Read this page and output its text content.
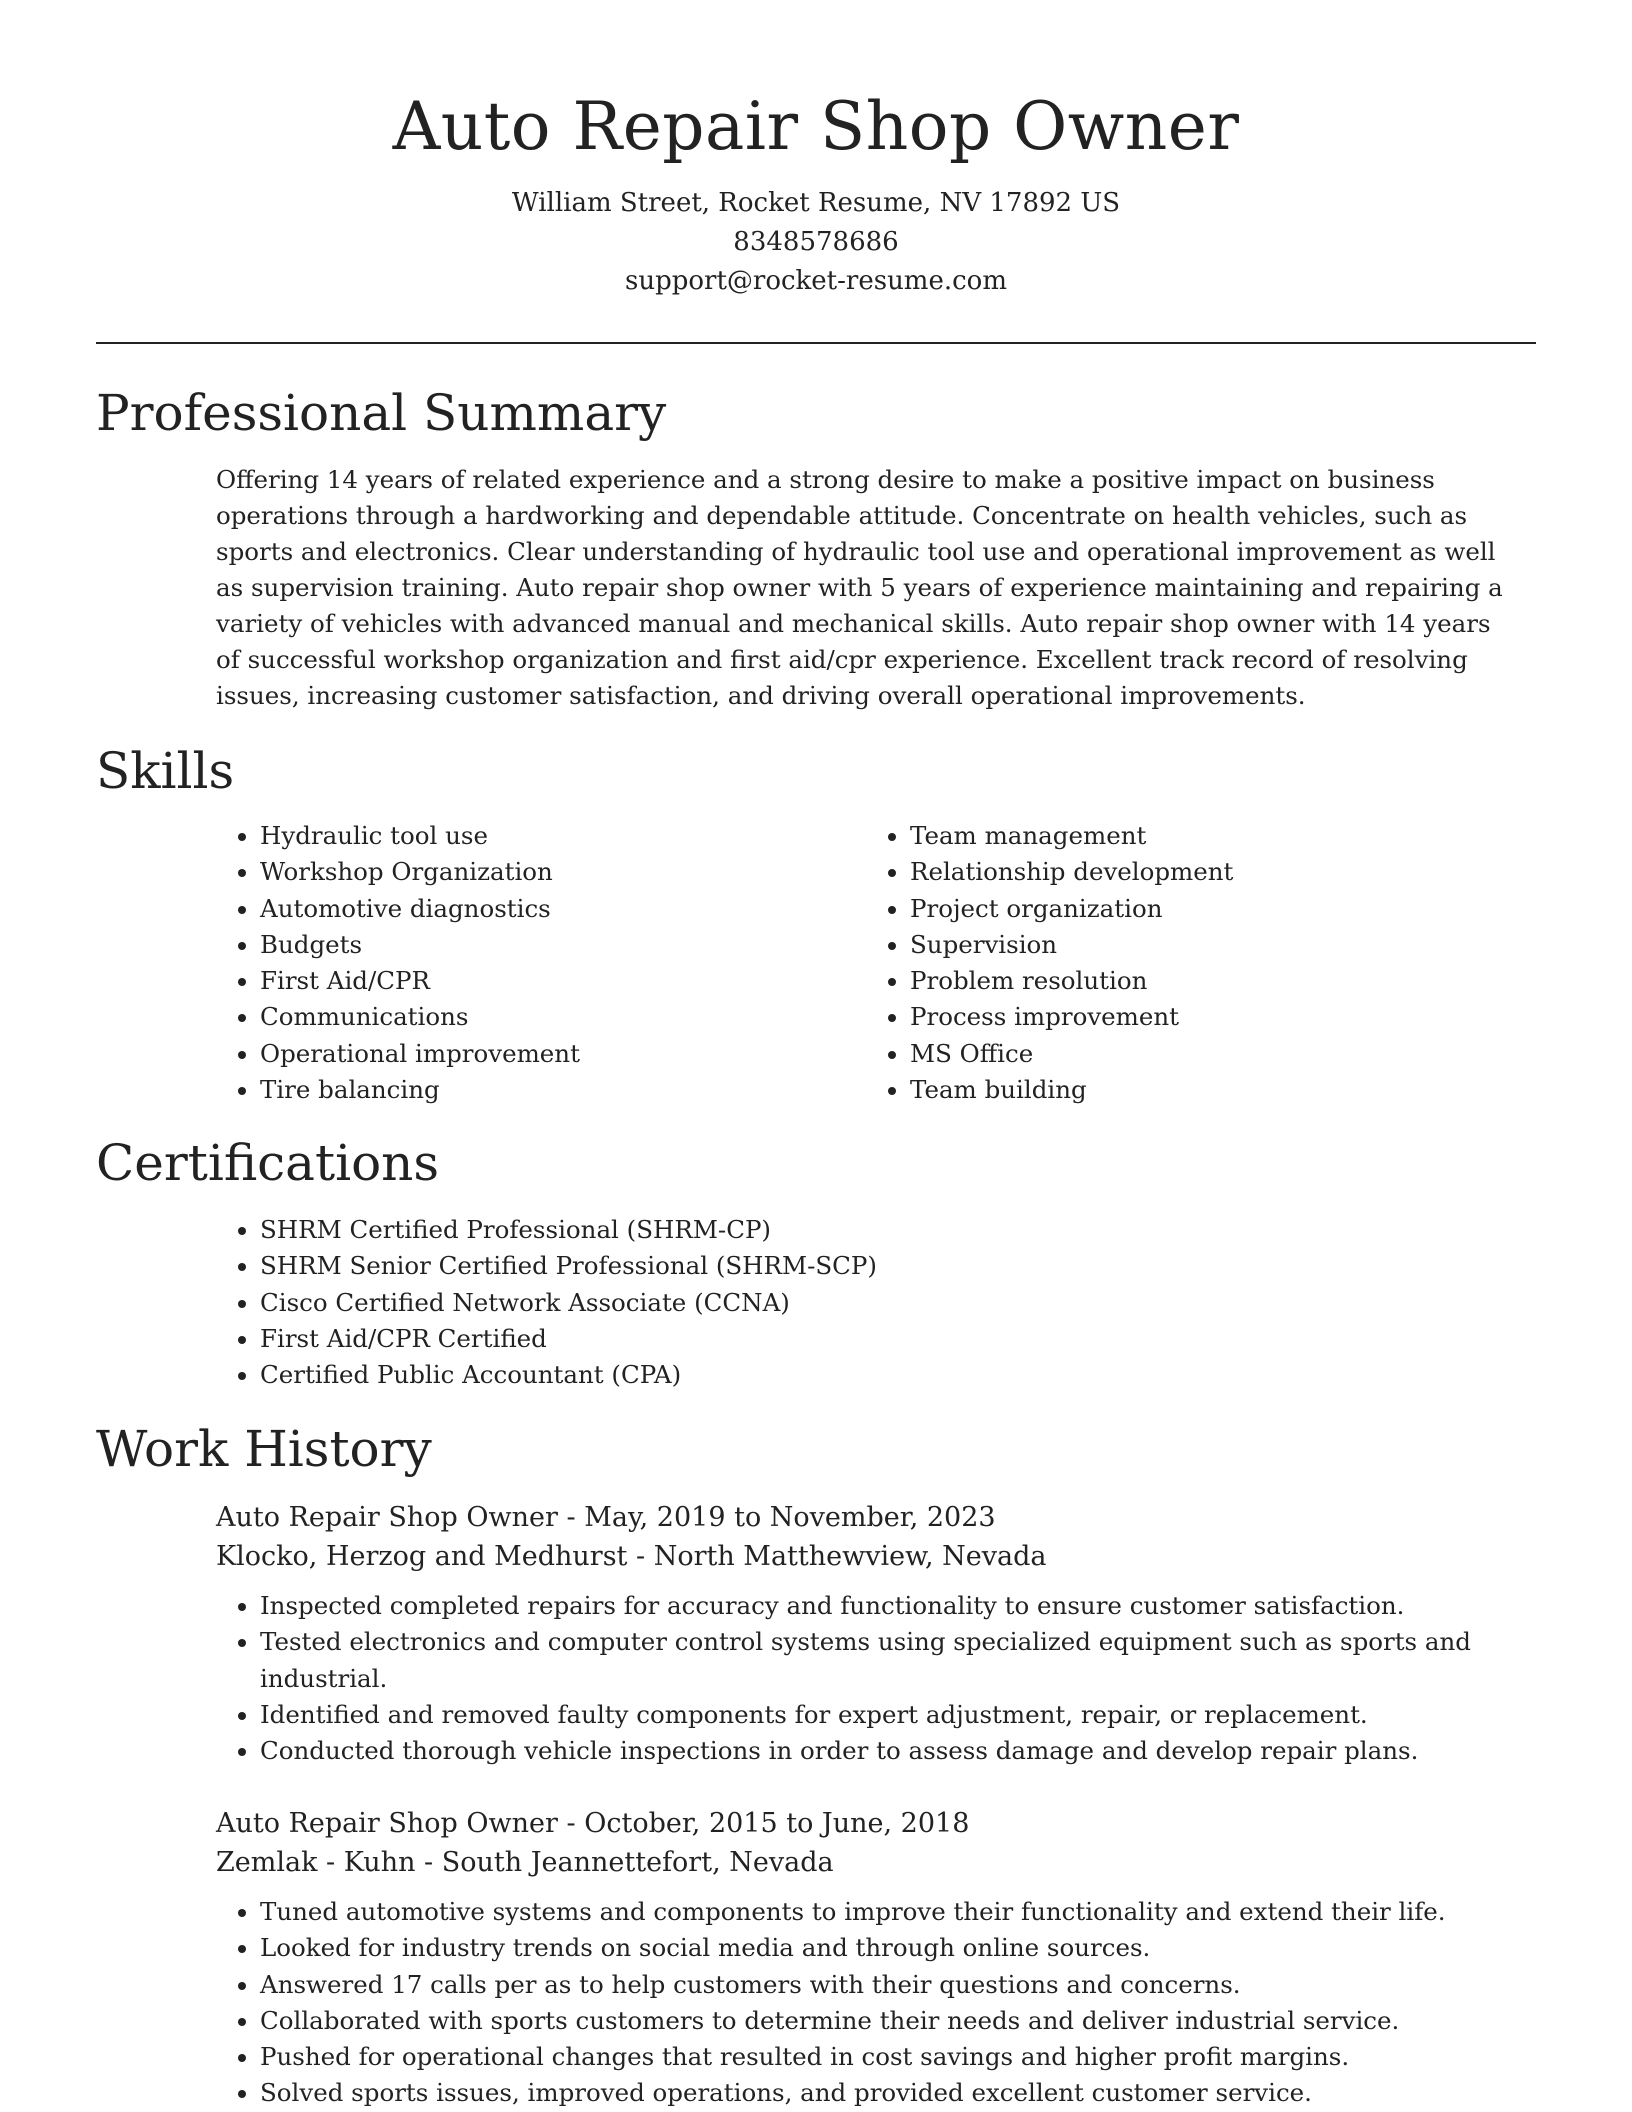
Auto Repair Shop Owner

William Street, Rocket Resume, NV 17892 US

8348578686

support@rocket-resume.com

Professional Summary

Offering 14 years of related experience and a strong desire to make a positive impact on business operations through a hardworking and dependable attitude. Concentrate on health vehicles, such as sports and electronics. Clear understanding of hydraulic tool use and operational improvement as well as supervision training. Auto repair shop owner with 5 years of experience maintaining and repairing a variety of vehicles with advanced manual and mechanical skills. Auto repair shop owner with 14 years of successful workshop organization and first aid/cpr experience. Excellent track record of resolving issues, increasing customer satisfaction, and driving overall operational improvements.

Skills
• Hydraulic tool use
• Workshop Organization
• Automotive diagnostics
• Budgets
• First Aid/CPR
• Communications
• Operational improvement
• Tire balancing
• Team management
• Relationship development
• Project organization
• Supervision
• Problem resolution
• Process improvement
• MS Office
• Team building
Certifications
• SHRM Certified Professional (SHRM-CP)
• SHRM Senior Certified Professional (SHRM-SCP)
• Cisco Certified Network Associate (CCNA)
• First Aid/CPR Certified
• Certified Public Accountant (CPA)
Work History

Auto Repair Shop Owner - May, 2019 to November, 2023

Klocko, Herzog and Medhurst - North Matthewview, Nevada

• Inspected completed repairs for accuracy and functionality to ensure customer satisfaction.
• Tested electronics and computer control systems using specialized equipment such as sports and industrial.
• Identified and removed faulty components for expert adjustment, repair, or replacement.
• Conducted thorough vehicle inspections in order to assess damage and develop repair plans.

Auto Repair Shop Owner - October, 2015 to June, 2018

Zemlak - Kuhn - South Jeannettefort, Nevada

• Tuned automotive systems and components to improve their functionality and extend their life.
• Looked for industry trends on social media and through online sources.
• Answered 17 calls per as to help customers with their questions and concerns.
• Collaborated with sports customers to determine their needs and deliver industrial service.
• Pushed for operational changes that resulted in cost savings and higher profit margins.
• Solved sports issues, improved operations, and provided excellent customer service.
